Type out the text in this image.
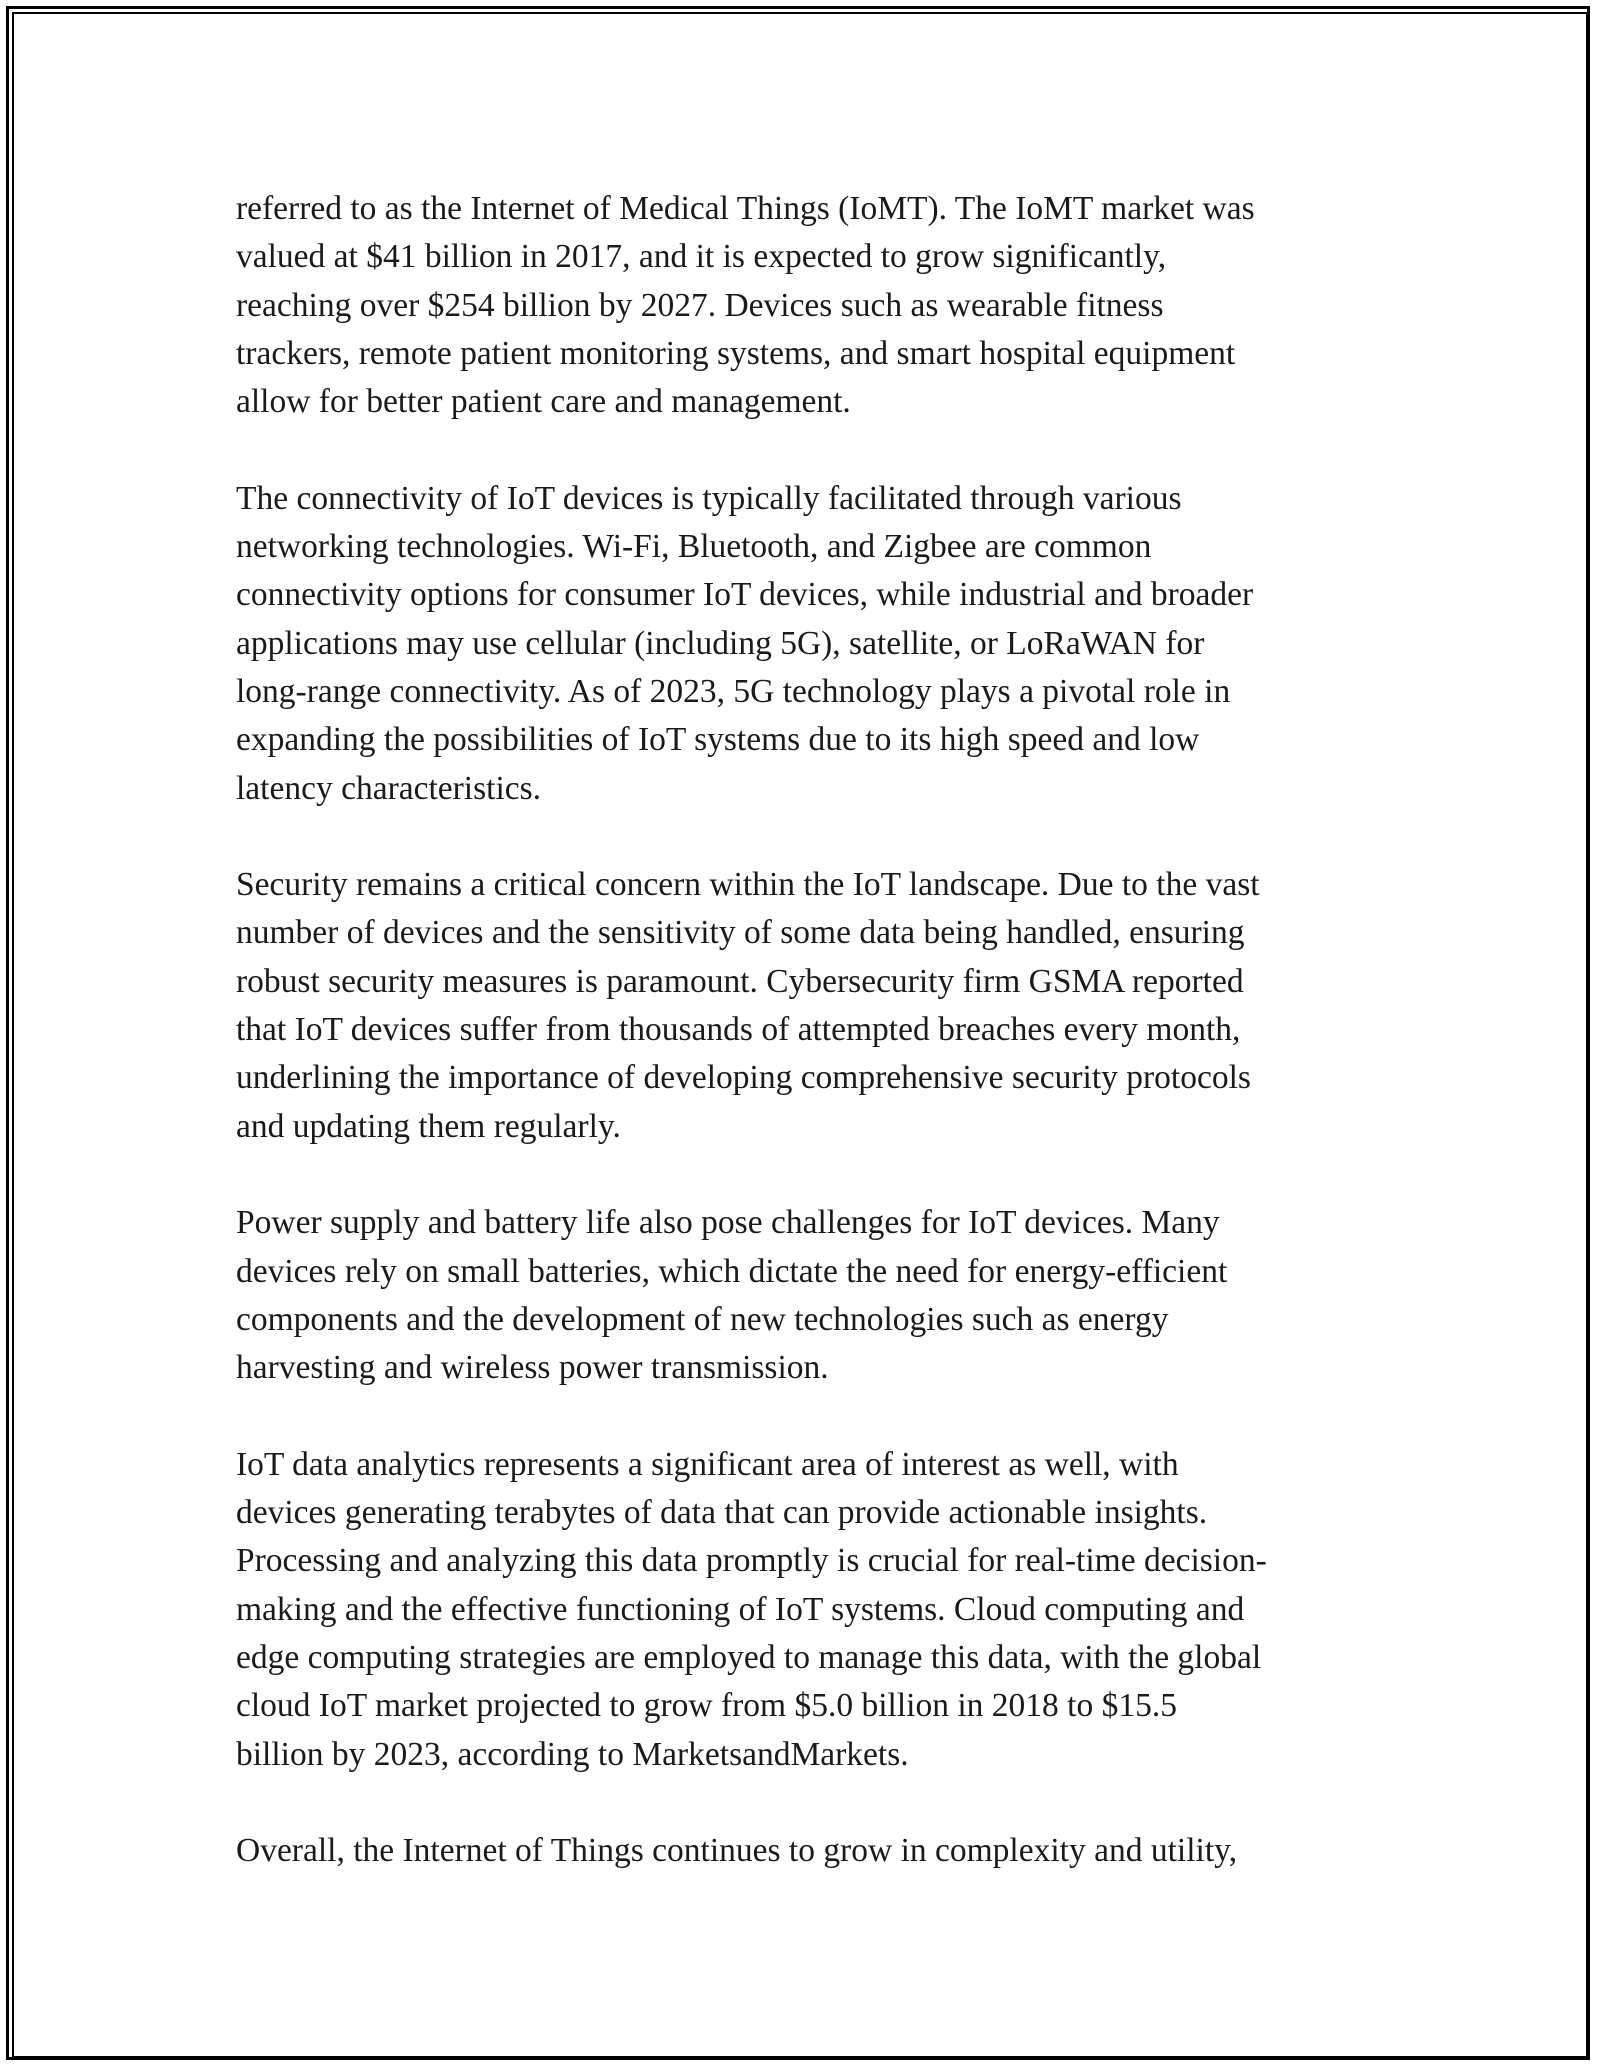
referred to as the Internet of Medical Things (IoMT). The IoMT market was
valued at $41 billion in 2017, and it is expected to grow significantly,
reaching over $254 billion by 2027. Devices such as wearable fitness
trackers, remote patient monitoring systems, and smart hospital equipment
allow for better patient care and management.

The connectivity of IoT devices is typically facilitated through various
networking technologies. Wi-Fi, Bluetooth, and Zigbee are common
connectivity options for consumer IoT devices, while industrial and broader
applications may use cellular (including 5G), satellite, or LoRaWAN for
long-range connectivity. As of 2023, 5G technology plays a pivotal role in
expanding the possibilities of IoT systems due to its high speed and low
latency characteristics.

Security remains a critical concern within the IoT landscape. Due to the vast
number of devices and the sensitivity of some data being handled, ensuring
robust security measures is paramount. Cybersecurity firm GSMA reported
that IoT devices suffer from thousands of attempted breaches every month,
underlining the importance of developing comprehensive security protocols
and updating them regularly.

Power supply and battery life also pose challenges for IoT devices. Many
devices rely on small batteries, which dictate the need for energy-efficient
components and the development of new technologies such as energy
harvesting and wireless power transmission.

IoT data analytics represents a significant area of interest as well, with
devices generating terabytes of data that can provide actionable insights.
Processing and analyzing this data promptly is crucial for real-time decision-
making and the effective functioning of IoT systems. Cloud computing and
edge computing strategies are employed to manage this data, with the global
cloud IoT market projected to grow from $5.0 billion in 2018 to $15.5
billion by 2023, according to MarketsandMarkets.

Overall, the Internet of Things continues to grow in complexity and utility,
